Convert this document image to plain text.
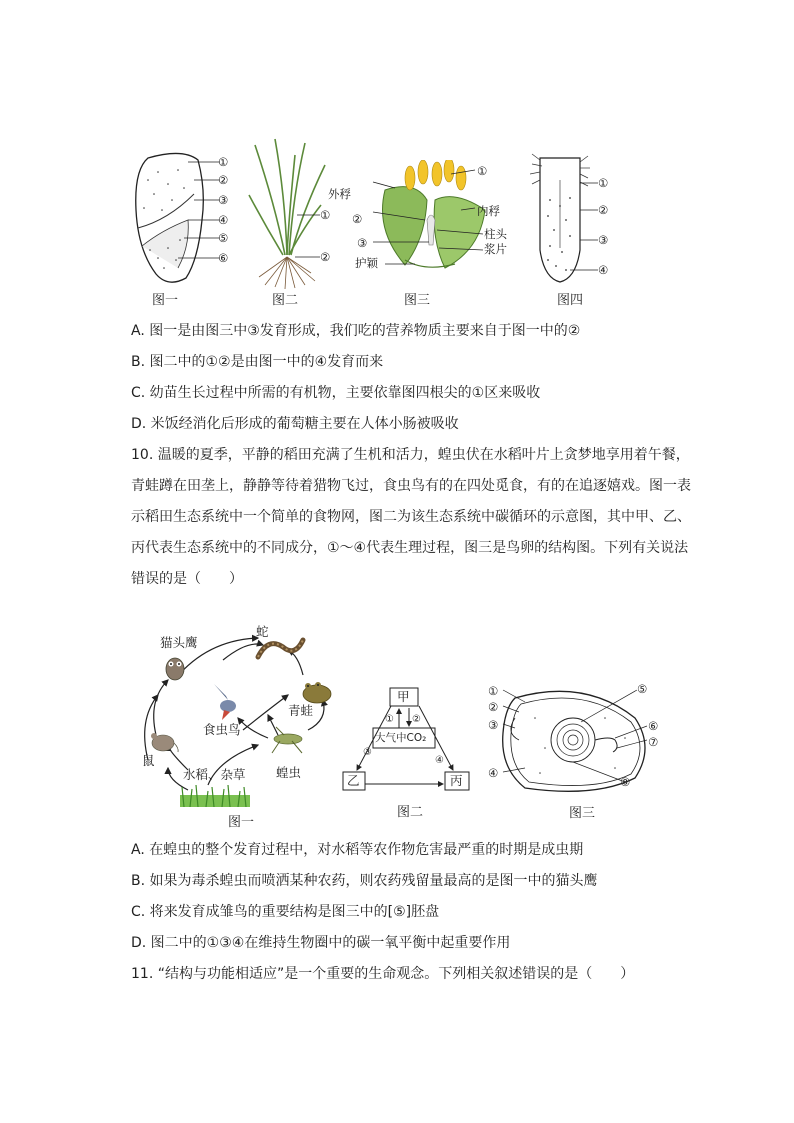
①
②
③
④
⑤
⑥
图一
①
②
图二
外稃
②
③
护颖
①
内稃
柱头
浆片
图三
①
②
③
④
图四
A. 图一是由图三中③发育形成，我们吃的营养物质主要来自于图一中的②
B. 图二中的①②是由图一中的④发育而来
C. 幼苗生长过程中所需的有机物，主要依靠图四根尖的①区来吸收
D. 米饭经消化后形成的葡萄糖主要在人体小肠被吸收
10. 温暖的夏季，平静的稻田充满了生机和活力，蝗虫伏在水稻叶片上贪梦地享用着午餐，
青蛙蹲在田垄上，静静等待着猎物飞过，食虫鸟有的在四处觅食，有的在追逐嬉戏。图一表
示稻田生态系统中一个简单的食物网，图二为该生态系统中碳循环的示意图，其中甲、乙、
丙代表生态系统中的不同成分，①～④代表生理过程，图三是鸟卵的结构图。下列有关说法
错误的是（　　）
蛇
猫头鹰
青蛙
食虫鸟
鼠
蝗虫
水稻、杂草
图一
甲
大气中CO₂
乙	丙
① ②
③
④
图二
①
②
③
④
⑤
⑥
⑦
⑧
图三
A. 在蝗虫的整个发育过程中，对水稻等农作物危害最严重的时期是成虫期
B. 如果为毒杀蝗虫而喷洒某种农药，则农药残留量最高的是图一中的猫头鹰
C. 将来发育成雏鸟的重要结构是图三中的[⑤]胚盘
D. 图二中的①③④在维持生物圈中的碳一氧平衡中起重要作用
11. “结构与功能相适应”是一个重要的生命观念。下列相关叙述错误的是（　　）
